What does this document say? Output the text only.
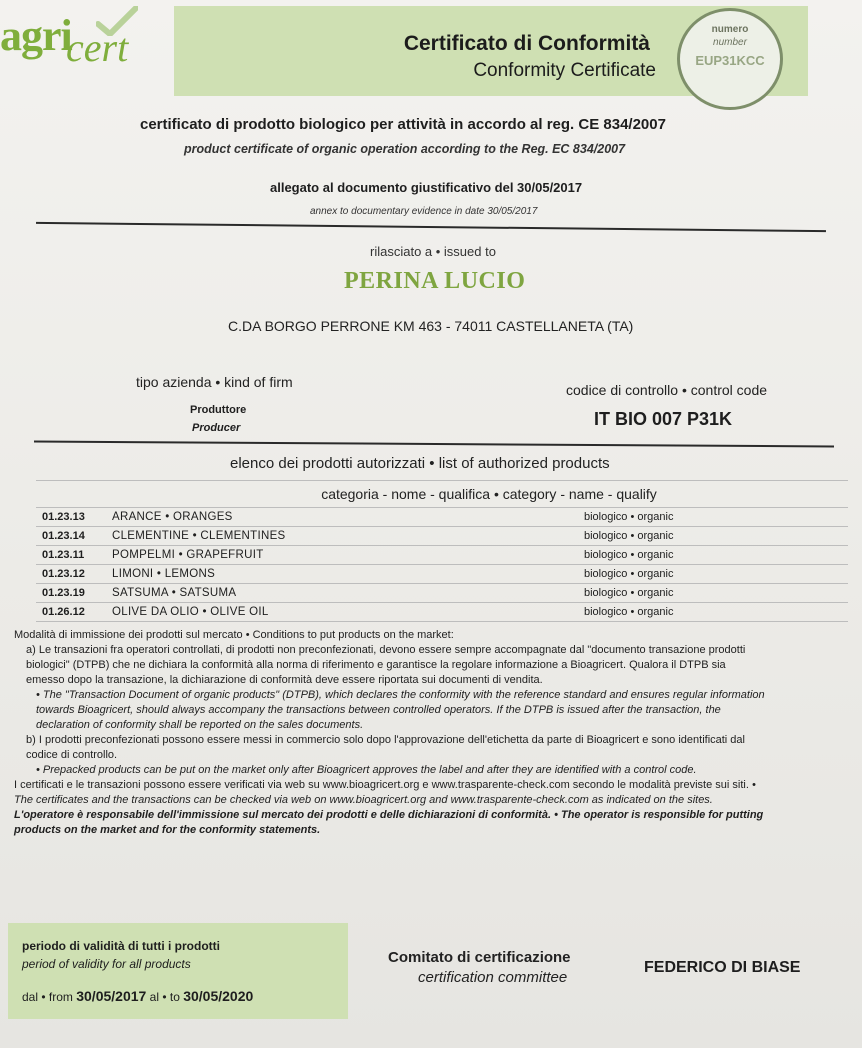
agri
cert	Certificato di Conformità
Conformity Certificate
numero
number
EUP31KCC
certificato di prodotto biologico per attività in accordo al reg. CE 834/2007
product certificate of organic operation according to the Reg. EC 834/2007
allegato al documento giustificativo del 30/05/2017
annex to documentary evidence in date 30/05/2017
rilasciato a • issued to
PERINA LUCIO
C.DA BORGO PERRONE KM 463 - 74011 CASTELLANETA (TA)
tipo azienda • kind of firm
Produttore
Producer
codice di controllo • control code
IT BIO 007 P31K
elenco dei prodotti autorizzati • list of authorized products
categoria - nome - qualifica • category - name - qualify		
01.23.13	ARANCE • ORANGES	biologico • organic
01.23.14	CLEMENTINE • CLEMENTINES	biologico • organic
01.23.11	POMPELMI • GRAPEFRUIT	biologico • organic
01.23.12	LIMONI • LEMONS	biologico • organic
01.23.19	SATSUMA • SATSUMA	biologico • organic
01.26.12	OLIVE DA OLIO • OLIVE OIL	biologico • organic

Modalità di immissione dei prodotti sul mercato • Conditions to put products on the market:

a) Le transazioni fra operatori controllati, di prodotti non preconfezionati, devono essere sempre accompagnate dal "documento transazione prodotti biologici" (DTPB) che ne dichiara la conformità alla norma di riferimento e garantisce la regolare informazione a Bioagricert. Qualora il DTPB sia emesso dopo la transazione, la dichiarazione di conformità deve essere riportata sui documenti di vendita.

• The "Transaction Document of organic products" (DTPB), which declares the conformity with the reference standard and ensures regular information towards Bioagricert, should always accompany the transactions between controlled operators. If the DTPB is issued after the transaction, the declaration of conformity shall be reported on the sales documents.

b) I prodotti preconfezionati possono essere messi in commercio solo dopo l'approvazione dell'etichetta da parte di Bioagricert e sono identificati dal codice di controllo.

• Prepacked products can be put on the market only after Bioagricert approves the label and after they are identified with a control code.

I certificati e le transazioni possono essere verificati via web su www.bioagricert.org e www.trasparente-check.com secondo le modalità previste sui siti. • The certificates and the transactions can be checked via web on www.bioagricert.org and www.trasparente-check.com as indicated on the sites.

L'operatore è responsabile dell'immissione sul mercato dei prodotti e delle dichiarazioni di conformità. • The operator is responsible for putting products on the market and for the conformity statements.

periodo di validità di tutti i prodotti
period of validity for all products
dal • from 30/05/2017 al • to 30/05/2020
Comitato di certificazione
certification committee
FEDERICO DI BIASE
